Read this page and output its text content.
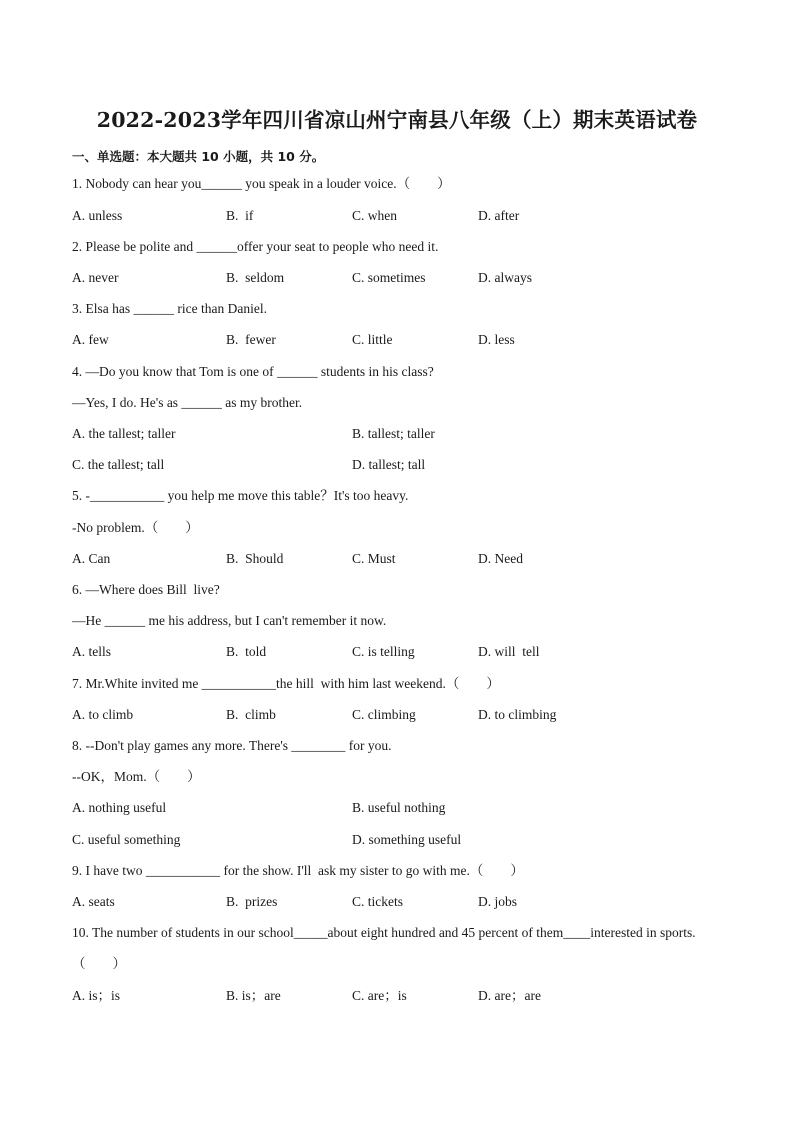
2022-2023学年四川省凉山州宁南县八年级（上）期末英语试卷
一、单选题：本大题共 10 小题，共 10 分。
1. Nobody can hear you______ you speak in a louder voice.（　　）
A. unless	B.  if	C. when	D. after
2. Please be polite and ______offer your seat to people who need it.
A. never	B.  seldom	C. sometimes	D. always
3. Elsa has ______ rice than Daniel.
A. few	B.  fewer	C. little	D. less
4. —Do you know that Tom is one of ______ students in his class?
—Yes, I do. He's as ______ as my brother.
A. the tallest; taller	B. tallest; taller
C. the tallest; tall	D. tallest; tall
5. -___________ you help me move this table？It's too heavy.
-No problem.（　　）
A. Can	B.  Should	C. Must	D. Need
6. —Where does Bill  live?
—He ______ me his address, but I can't remember it now.
A. tells	B.  told	C. is telling	D. will  tell
7. Mr.White invited me ___________the hill  with him last weekend.（　　）
A. to climb	B.  climb	C. climbing	D. to climbing
8. --Don't play games any more. There's ________ for you.
--OK，Mom.（　　）
A. nothing useful	B. useful nothing
C. useful something	D. something useful
9. I have two ___________ for the show. I'll  ask my sister to go with me.（　　）
A. seats	B.  prizes	C. tickets	D. jobs
10. The number of students in our school_____about eight hundred and 45 percent of them____interested in sports.
（　　）
A. is；is	B. is；are	C. are；is	D. are；are
